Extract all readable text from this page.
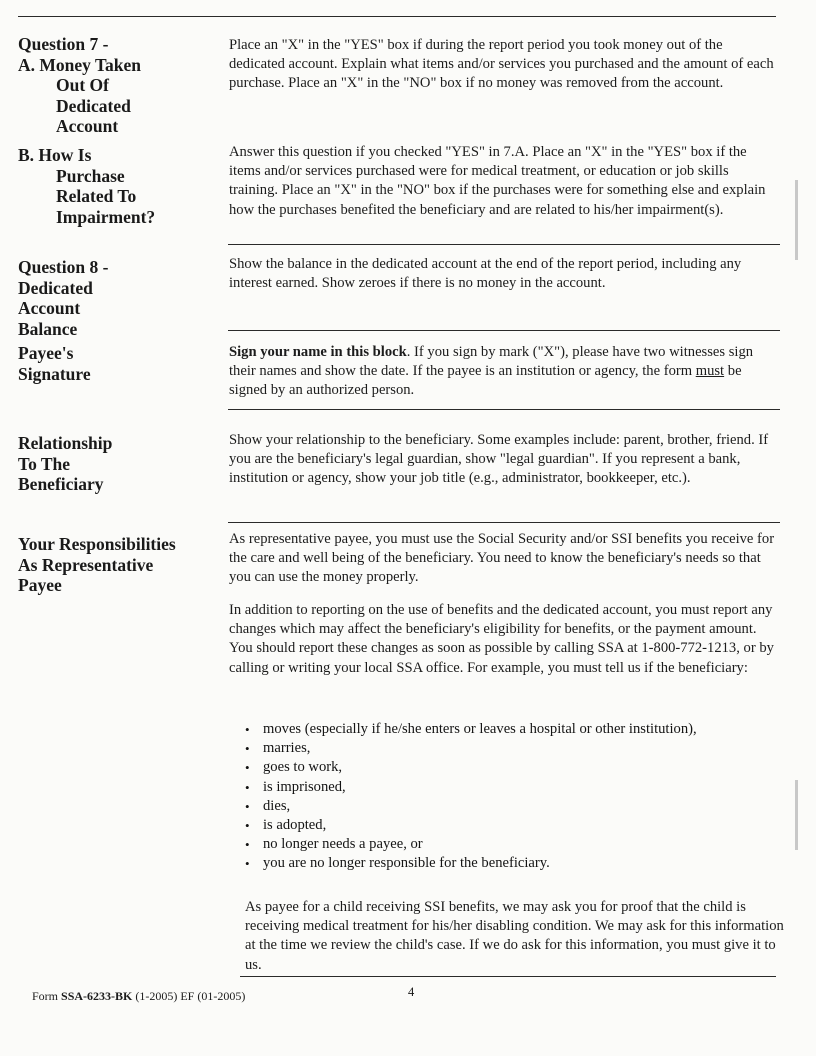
Question 7 -
A. Money Taken
Out Of
Dedicated
Account

Place an "X" in the "YES" box if during the report period you took money out of the dedicated account. Explain what items and/or services you purchased and the amount of each purchase. Place an "X" in the "NO" box if no money was removed from the account.

B. How Is
Purchase
Related To
Impairment?

Answer this question if you checked "YES" in 7.A. Place an "X" in the "YES" box if the items and/or services purchased were for medical treatment, or education or job skills training. Place an "X" in the "NO" box if the purchases were for something else and explain how the purchases benefited the beneficiary and are related to his/her impairment(s).

Question 8 -
Dedicated
Account
Balance

Show the balance in the dedicated account at the end of the report period, including any interest earned. Show zeroes if there is no money in the account.

Payee's
Signature

Sign your name in this block. If you sign by mark ("X"), please have two witnesses sign their names and show the date. If the payee is an institution or agency, the form must be signed by an authorized person.

Relationship
To The
Beneficiary

Show your relationship to the beneficiary. Some examples include: parent, brother, friend. If you are the beneficiary's legal guardian, show "legal guardian". If you represent a bank, institution or agency, show your job title (e.g., administrator, bookkeeper, etc.).

Your Responsibilities
As Representative
Payee

As representative payee, you must use the Social Security and/or SSI benefits you receive for the care and well being of the beneficiary. You need to know the beneficiary's needs so that you can use the money properly.

In addition to reporting on the use of benefits and the dedicated account, you must report any changes which may affect the beneficiary's eligibility for benefits, or the payment amount. You should report these changes as soon as possible by calling SSA at 1-800-772-1213, or by calling or writing your local SSA office. For example, you must tell us if the beneficiary:

• moves (especially if he/she enters or leaves a hospital or other institution),
• marries,
• goes to work,
• is imprisoned,
• dies,
• is adopted,
• no longer needs a payee, or
• you are no longer responsible for the beneficiary.

As payee for a child receiving SSI benefits, we may ask you for proof that the child is receiving medical treatment for his/her disabling condition. We may ask for this information at the time we review the child's case. If we do ask for this information, you must give it to us.

Form SSA-6233-BK (1-2005) EF (01-2005)	4
